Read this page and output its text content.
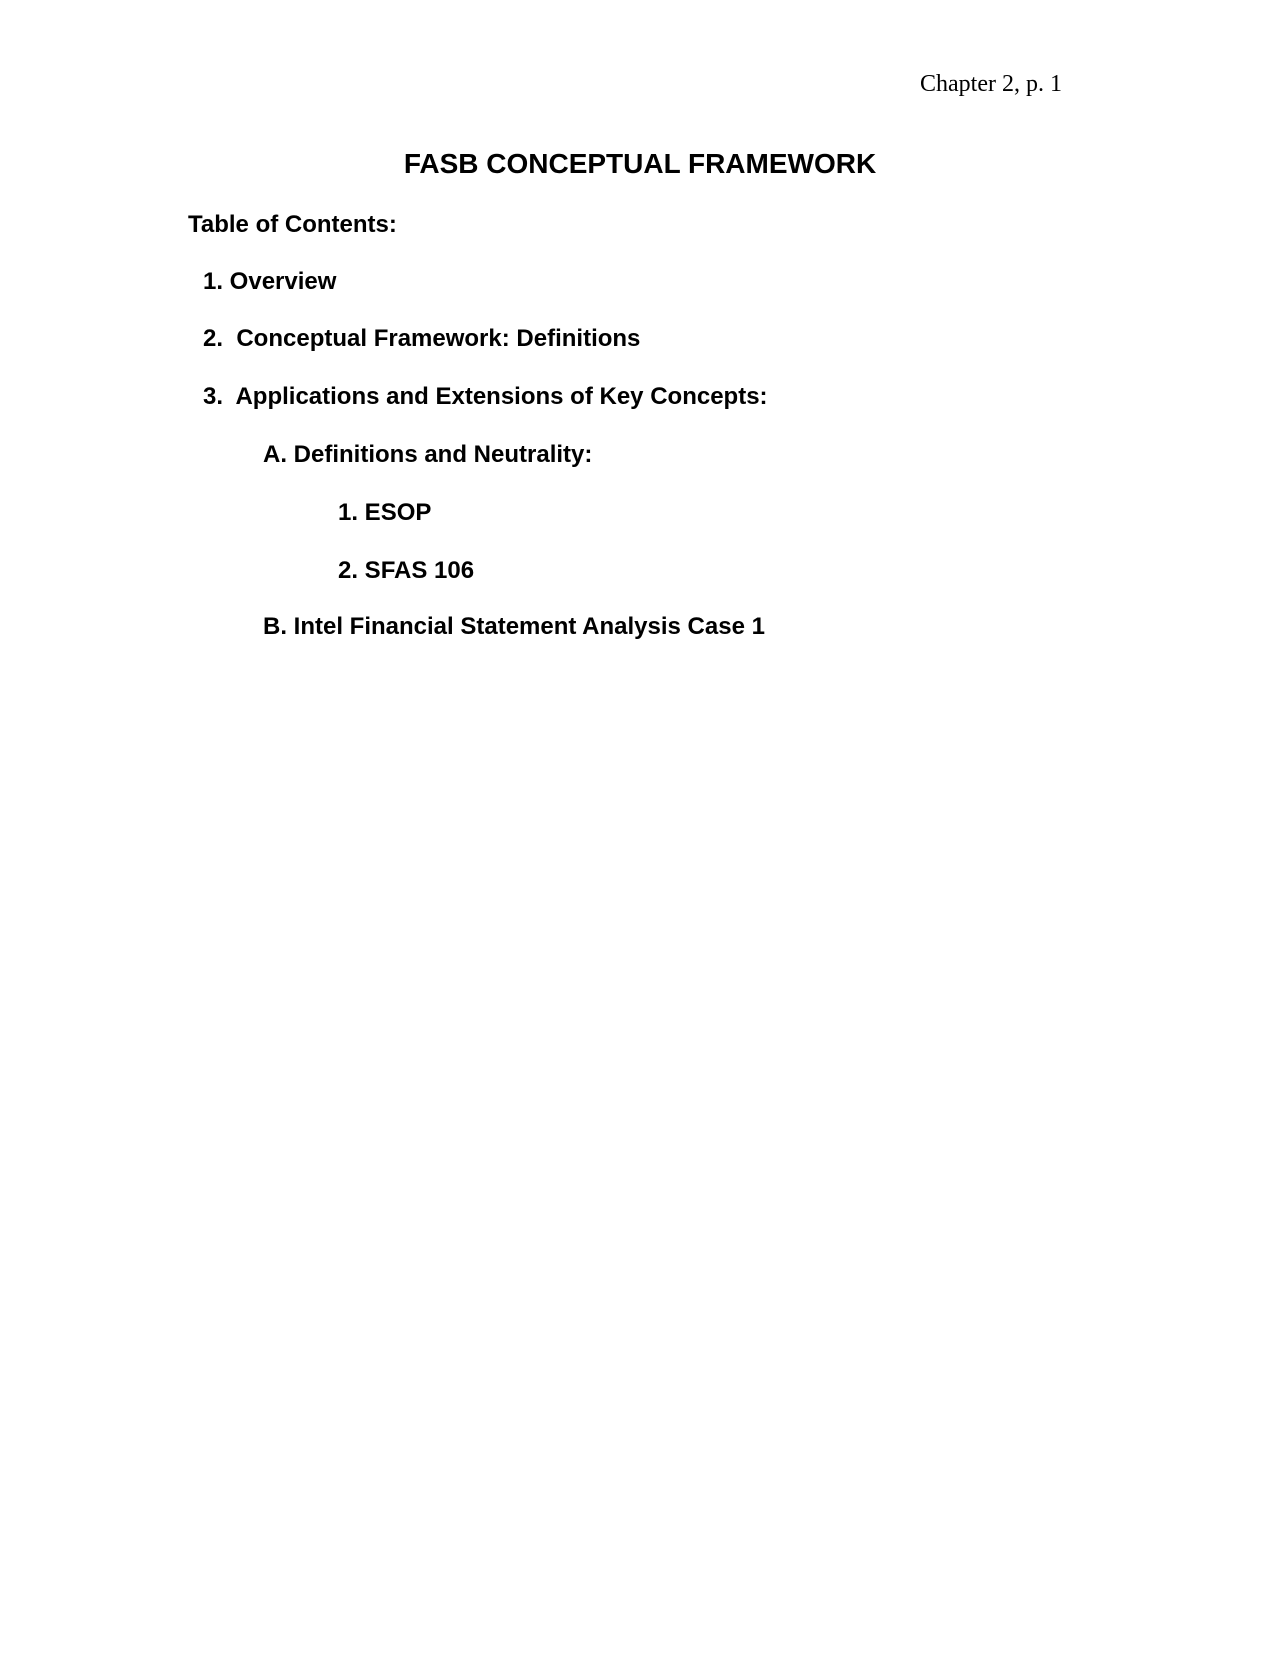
Chapter 2, p. 1
FASB CONCEPTUAL FRAMEWORK
Table of Contents:
1. Overview
2.  Conceptual Framework: Definitions
3.  Applications and Extensions of Key Concepts:
A. Definitions and Neutrality:
1. ESOP
2. SFAS 106
B. Intel Financial Statement Analysis Case 1
